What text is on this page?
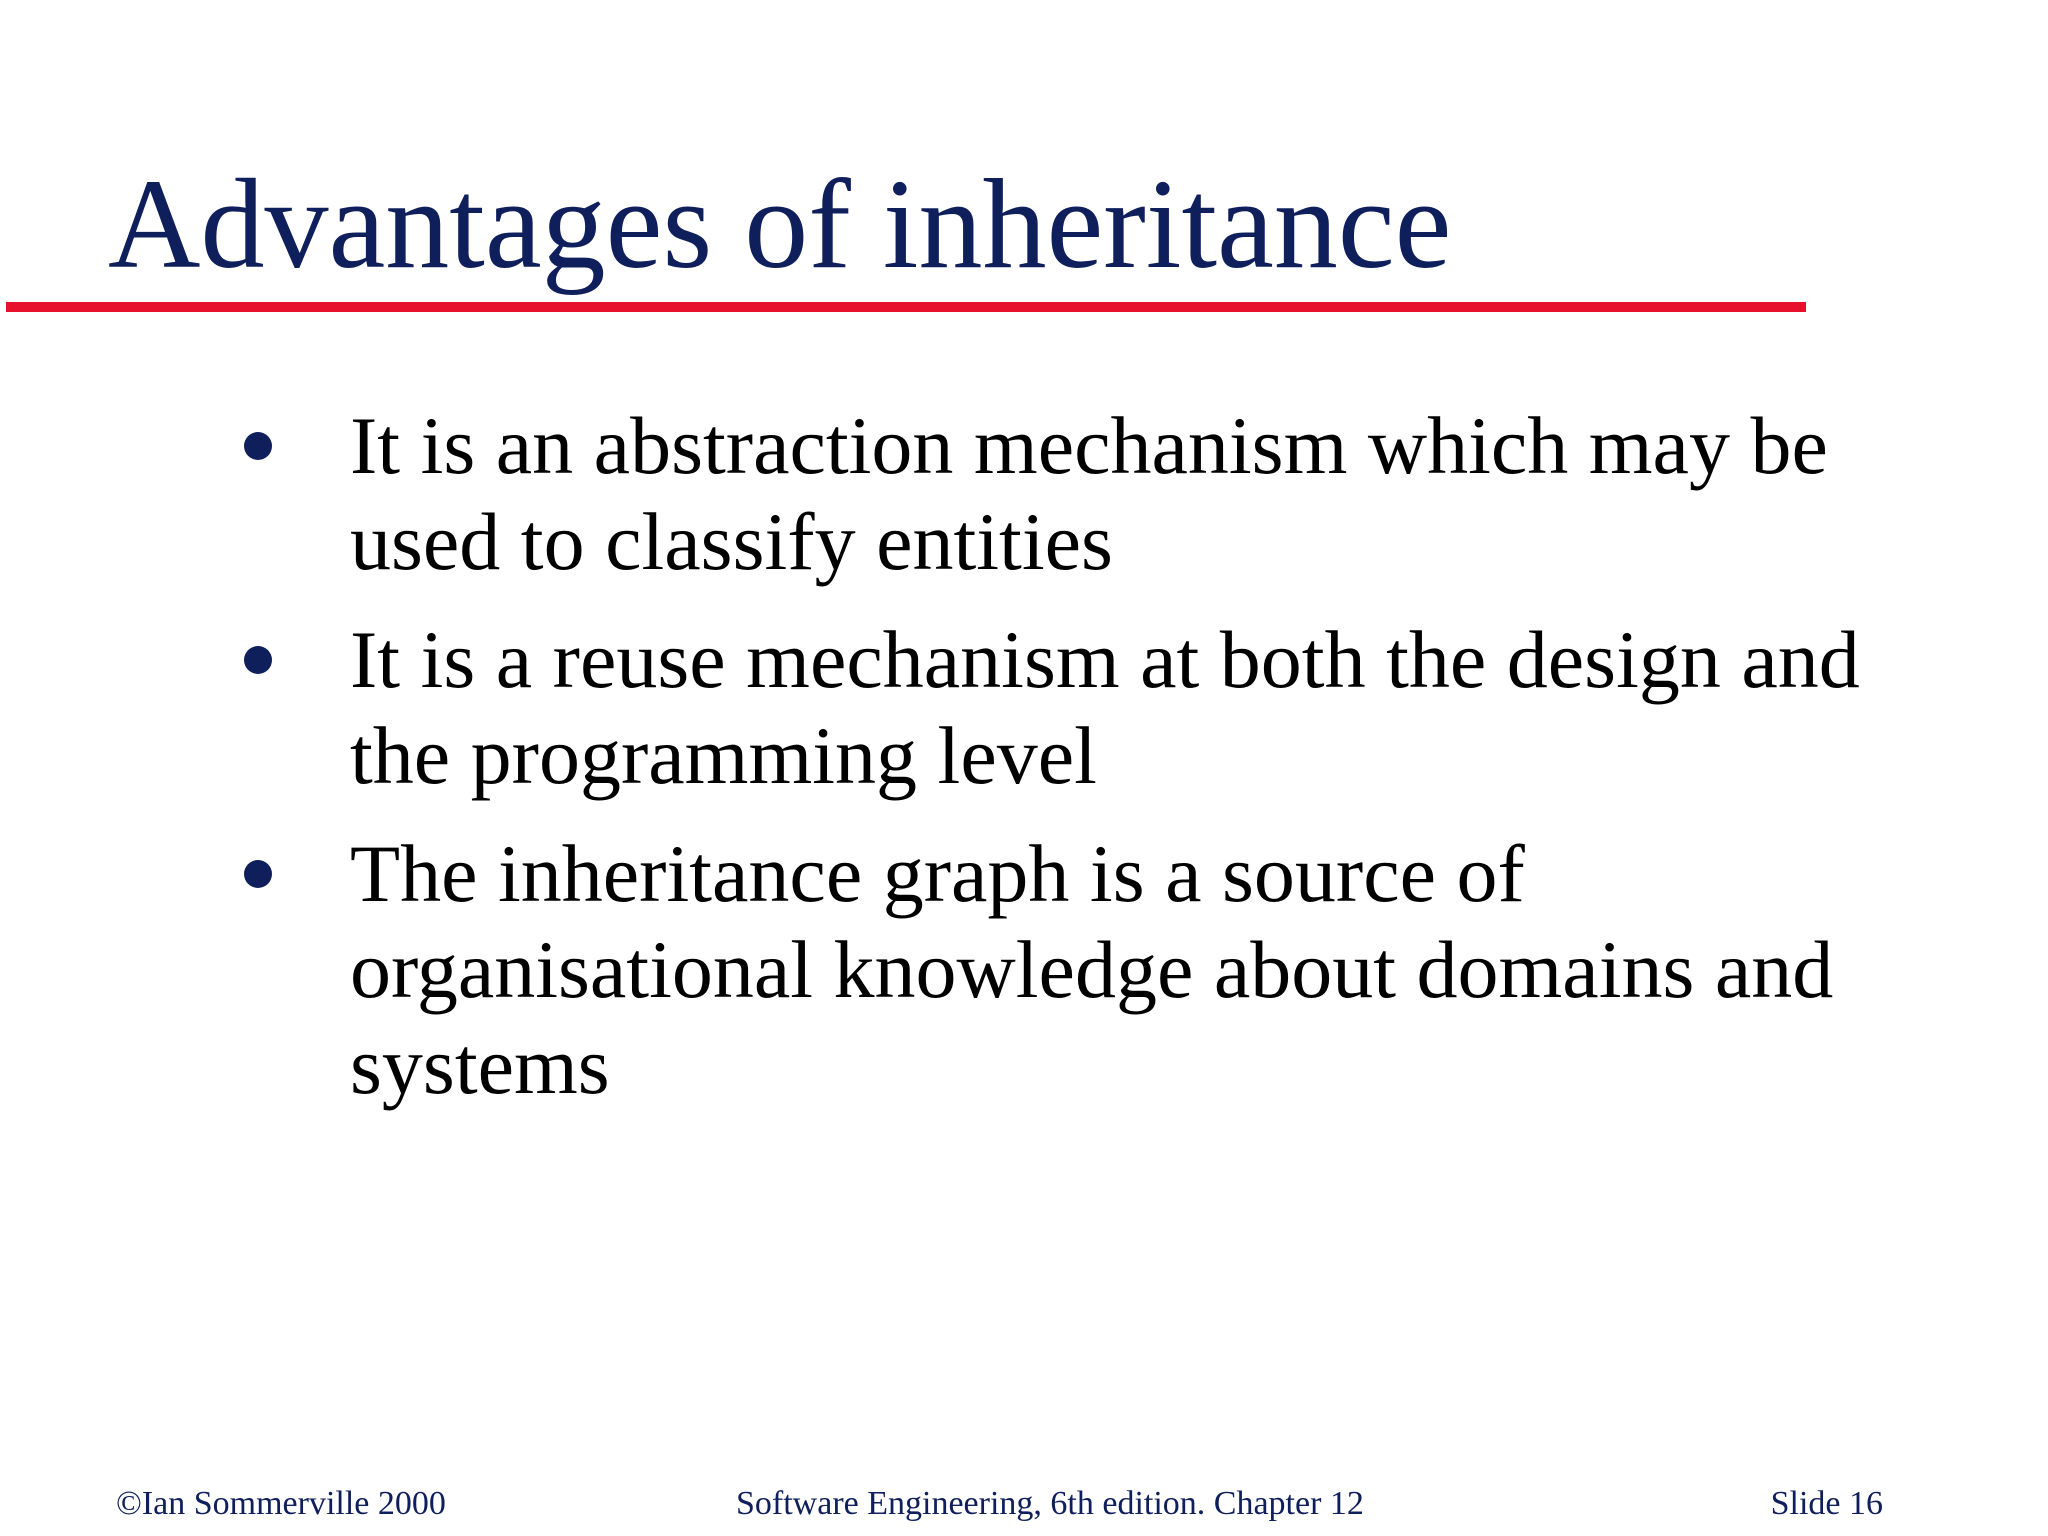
Advantages of inheritance
It is an abstraction mechanism which may be used to classify entities
It is a reuse mechanism at both the design and the programming level
The inheritance graph is a source of organisational knowledge about domains and systems
©Ian Sommerville 2000	Software Engineering, 6th edition. Chapter 12	Slide 16
